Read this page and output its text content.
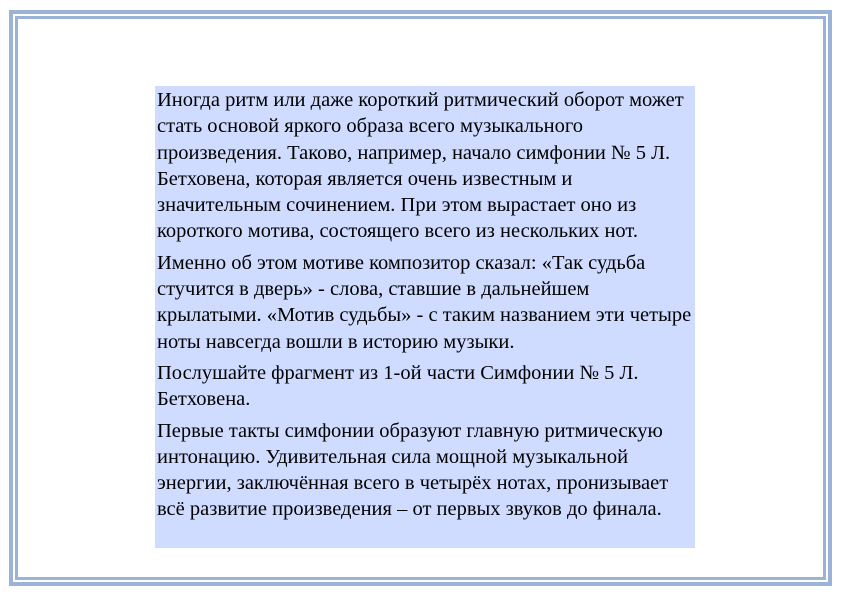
Иногда ритм или даже короткий ритмический оборот может стать основой яркого образа всего музыкального произведения. Таково, например, начало симфонии № 5 Л. Бетховена, которая является очень известным и значительным сочинением. При этом вырастает оно из короткого мотива, состоящего всего из нескольких нот.

Именно об этом мотиве композитор сказал: «Так судьба стучится в дверь» - слова, ставшие в дальнейшем крылатыми. «Мотив судьбы» - с таким названием эти четыре ноты навсегда вошли в историю музыки.

Послушайте фрагмент из 1-ой части Симфонии № 5 Л. Бетховена.

Первые такты симфонии образуют главную ритмическую интонацию. Удивительная сила мощной музыкальной энергии, заключённая всего в четырёх нотах, пронизывает всё развитие произведения – от первых звуков до финала.
